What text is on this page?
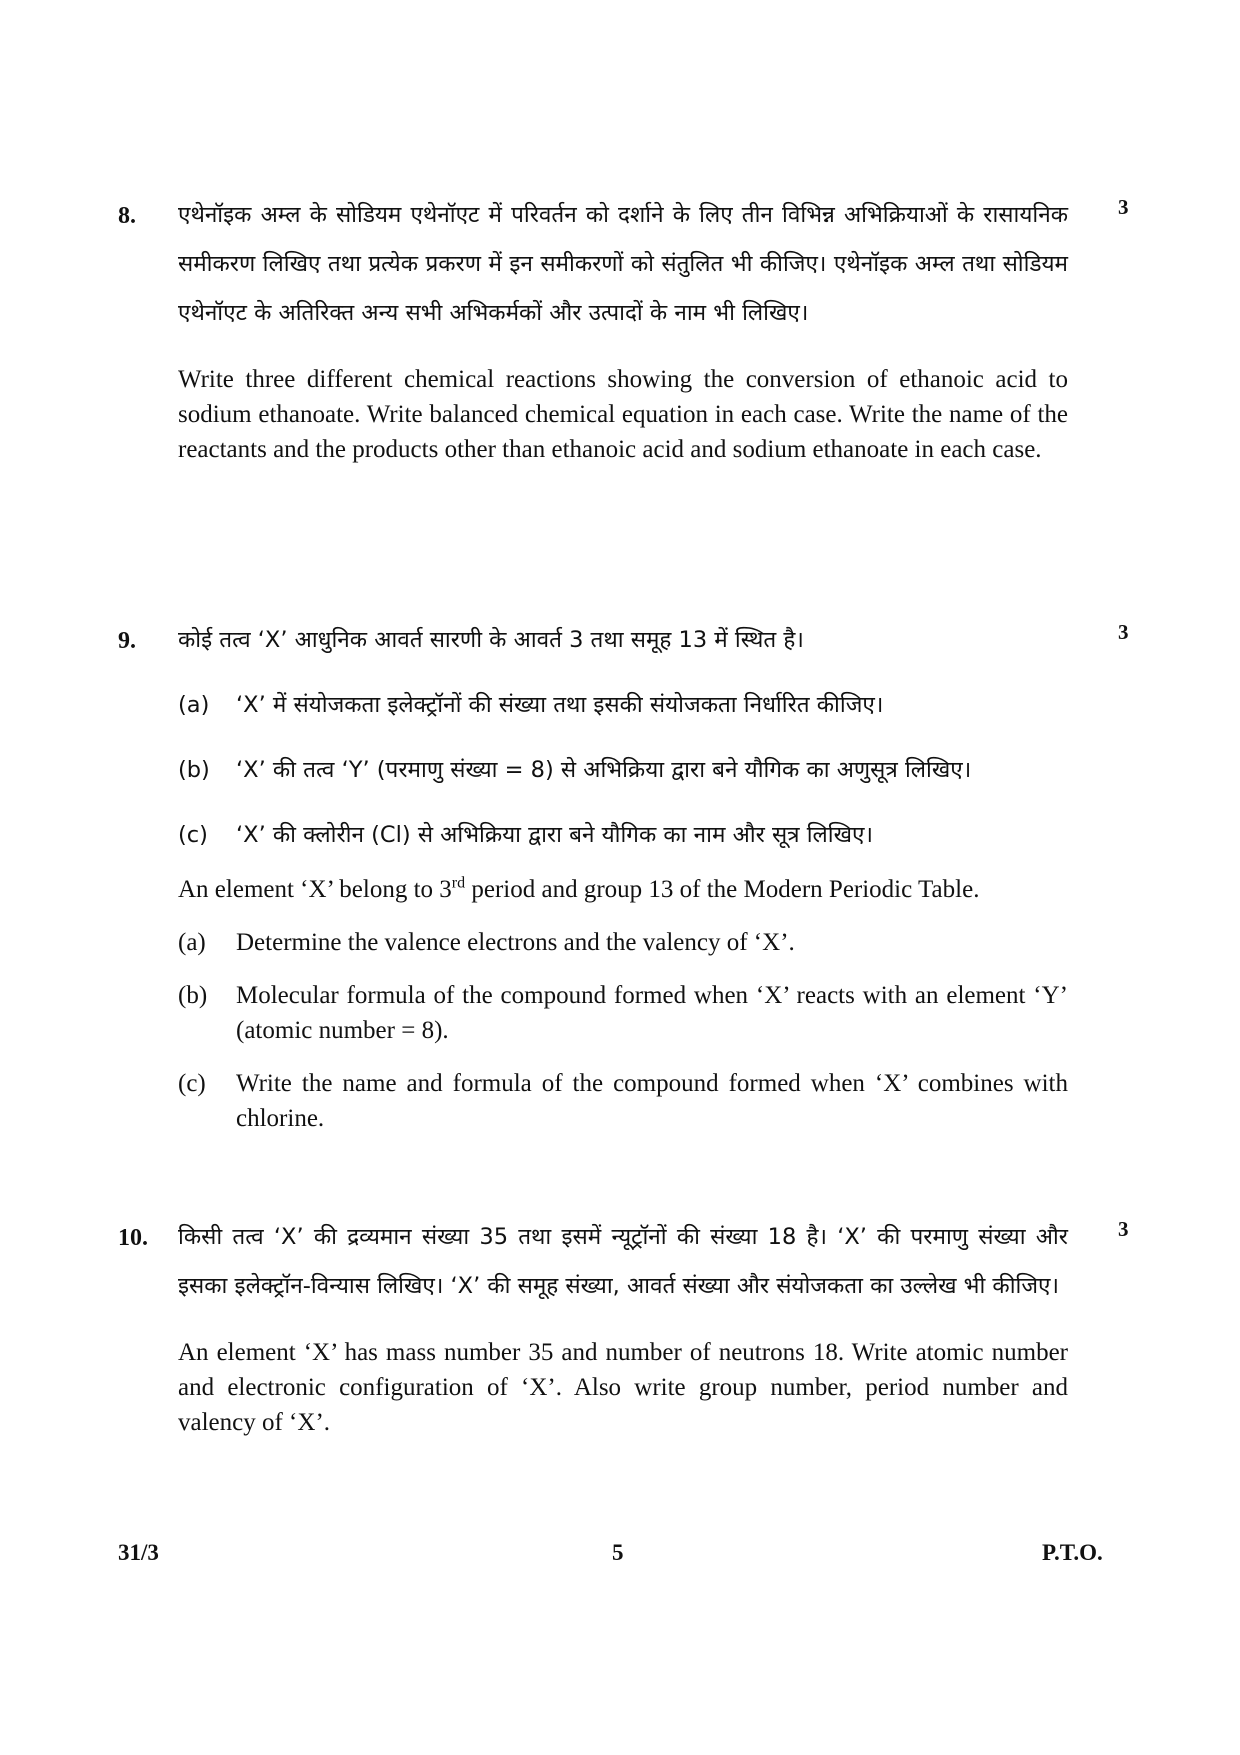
8.	3

एथेनॉइक अम्ल के सोडियम एथेनॉएट में परिवर्तन को दर्शाने के लिए तीन विभिन्न अभिक्रियाओं के रासायनिक समीकरण लिखिए तथा प्रत्येक प्रकरण में इन समीकरणों को संतुलित भी कीजिए। एथेनॉइक अम्ल तथा सोडियम एथेनॉएट के अतिरिक्त अन्य सभी अभिकर्मकों और उत्पादों के नाम भी लिखिए।

Write three different chemical reactions showing the conversion of ethanoic acid to sodium ethanoate. Write balanced chemical equation in each case. Write the name of the reactants and the products other than ethanoic acid and sodium ethanoate in each case.

9.	3

कोई तत्व ‘X’ आधुनिक आवर्त सारणी के आवर्त 3 तथा समूह 13 में स्थित है।

(a)	‘X’ में संयोजकता इलेक्ट्रॉनों की संख्या तथा इसकी संयोजकता निर्धारित कीजिए।
(b)	‘X’ की तत्व ‘Y’ (परमाणु संख्या = 8) से अभिक्रिया द्वारा बने यौगिक का अणुसूत्र लिखिए।
(c)	‘X’ की क्लोरीन (Cl) से अभिक्रिया द्वारा बने यौगिक का नाम और सूत्र लिखिए।

An element ‘X’ belong to 3rd period and group 13 of the Modern Periodic Table.

(a)	Determine the valence electrons and the valency of ‘X’.
(b)	Molecular formula of the compound formed when ‘X’ reacts with an element ‘Y’ (atomic number = 8).
(c)	Write the name and formula of the compound formed when ‘X’ combines with chlorine.
10.	3

किसी तत्व ‘X’ की द्रव्यमान संख्या 35 तथा इसमें न्यूट्रॉनों की संख्या 18 है। ‘X’ की परमाणु संख्या और इसका इलेक्ट्रॉन-विन्यास लिखिए। ‘X’ की समूह संख्या, आवर्त संख्या और संयोजकता का उल्लेख भी कीजिए।

An element ‘X’ has mass number 35 and number of neutrons 18. Write atomic number and electronic configuration of ‘X’. Also write group number, period number and valency of ‘X’.

31/3	5	P.T.O.
